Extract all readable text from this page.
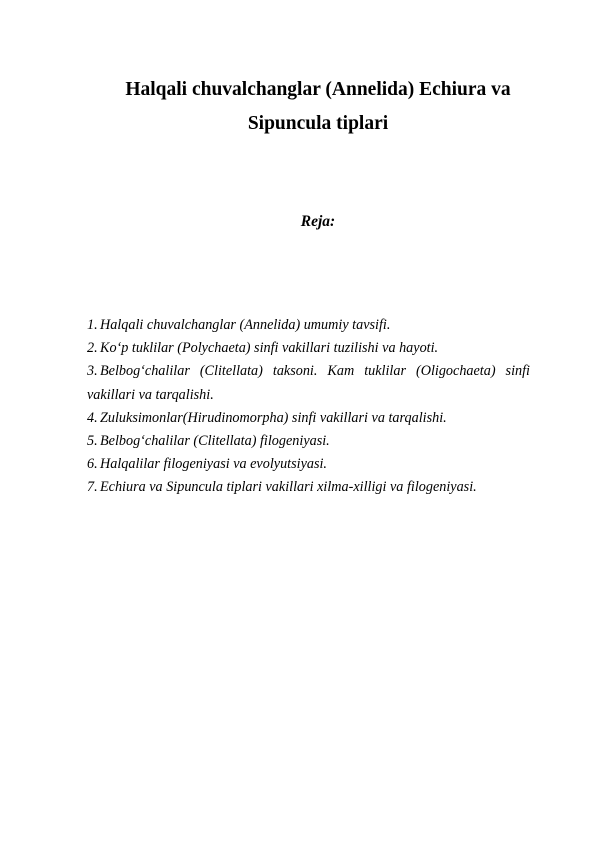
Halqali chuvalchanglar (Annelida) Echiura va
Sipuncula tiplari

Reja:

1. Halqali chuvalchanglar (Annelida) umumiy tavsifi.
2. Ko‘p tuklilar (Polychaeta) sinfi vakillari tuzilishi va hayoti.
3. Belbog‘chalilar (Clitellata) taksoni. Kam tuklilar (Oligochaeta) sinfi vakillari va tarqalishi.
4. Zuluksimonlar(Hirudinomorpha) sinfi vakillari va tarqalishi.
5. Belbog‘chalilar (Clitellata) filogeniyasi.
6. Halqalilar filogeniyasi va evolyutsiyasi.
7. Echiura va Sipuncula tiplari vakillari xilma-xilligi va filogeniyasi.
